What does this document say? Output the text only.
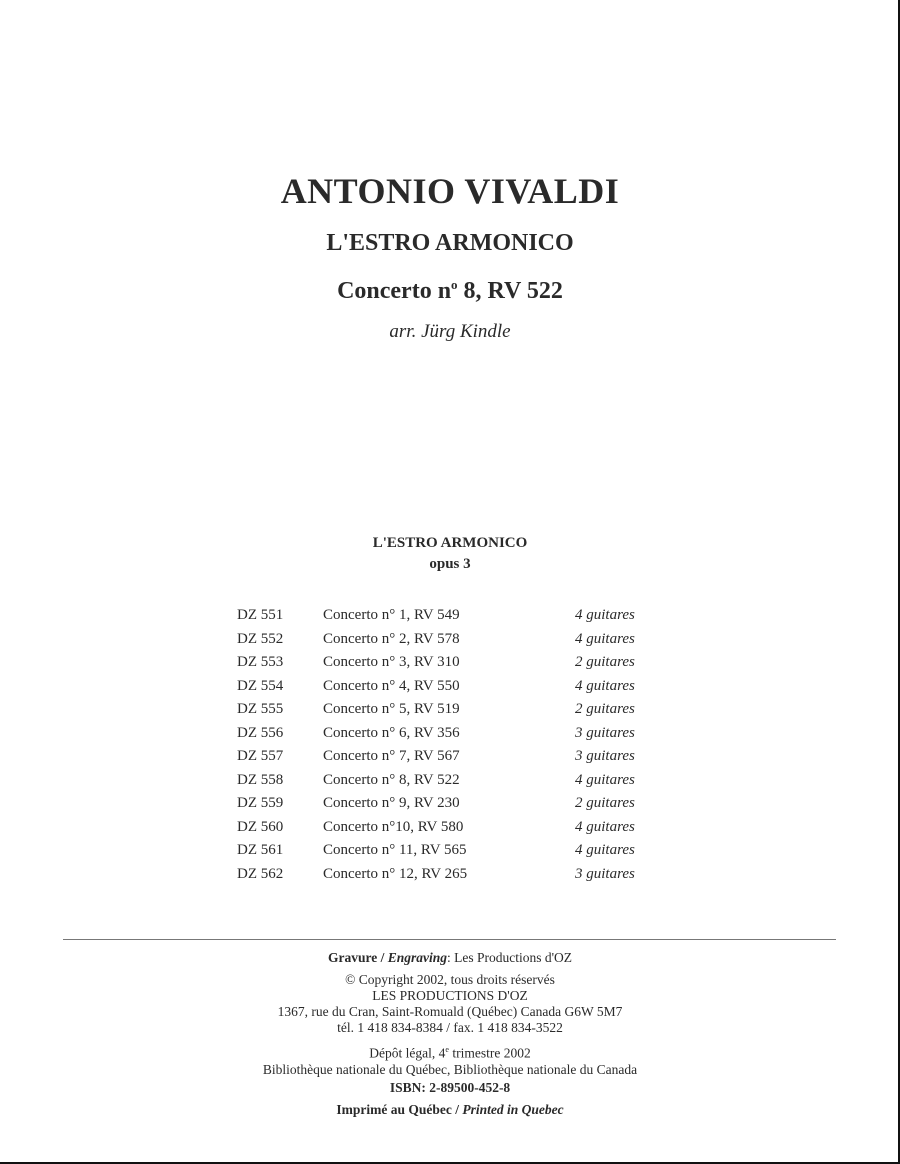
ANTONIO VIVALDI
L'ESTRO ARMONICO
Concerto $n^o$ 8, RV 522
arr. Jürg Kindle
L'ESTRO ARMONICO
opus 3
DZ 551	Concerto n° 1, RV 549	4 guitares
DZ 552	Concerto n° 2, RV 578	4 guitares
DZ 553	Concerto n° 3, RV 310	2 guitares
DZ 554	Concerto n° 4, RV 550	4 guitares
DZ 555	Concerto n° 5, RV 519	2 guitares
DZ 556	Concerto n° 6, RV 356	3 guitares
DZ 557	Concerto n° 7, RV 567	3 guitares
DZ 558	Concerto n° 8, RV 522	4 guitares
DZ 559	Concerto n° 9, RV 230	2 guitares
DZ 560	Concerto n°10, RV 580	4 guitares
DZ 561	Concerto n° 11, RV 565	4 guitares
DZ 562	Concerto n° 12, RV 265	3 guitares
Gravure / Engraving: Les Productions d'OZ
© Copyright 2002, tous droits réservés
LES PRODUCTIONS D'OZ
1367, rue du Cran, Saint-Romuald (Québec) Canada G6W 5M7
tél. 1 418 834-8384 / fax. 1 418 834-3522
Dépôt légal, 4e trimestre 2002
Bibliothèque nationale du Québec, Bibliothèque nationale du Canada
ISBN: 2-89500-452-8
Imprimé au Québec / Printed in Quebec
